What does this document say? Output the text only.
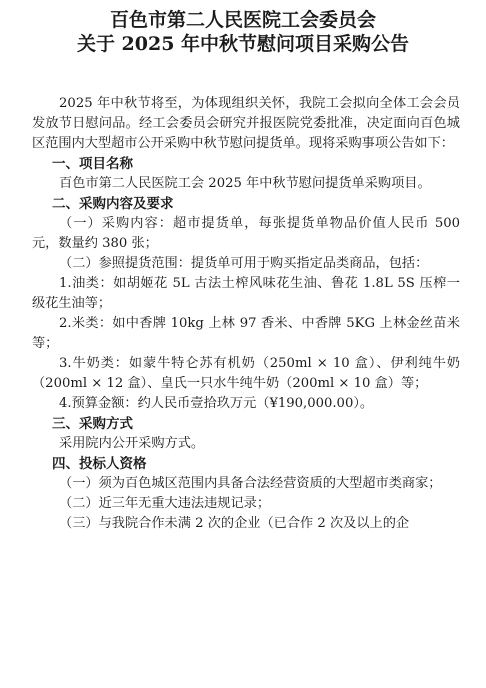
百色市第二人民医院工会委员会
关于 2025 年中秋节慰问项目采购公告

2025 年中秋节将至，为体现组织关怀，我院工会拟向全体工会会员发放节日慰问品。经工会委员会研究并报医院党委批准，决定面向百色城区范围内大型超市公开采购中秋节慰问提货单。现将采购事项公告如下：

一、项目名称

百色市第二人民医院工会 2025 年中秋节慰问提货单采购项目。

二、采购内容及要求

（一）采购内容：超市提货单，每张提货单物品价值人民币 500 元，数量约 380 张；

（二）参照提货范围：提货单可用于购买指定品类商品，包括：

1.油类：如胡姬花 5L 古法土榨风味花生油、鲁花 1.8L 5S 压榨一级花生油等；

2.米类：如中香牌 10kg 上林 97 香米、中香牌 5KG 上林金丝苗米等；

3.牛奶类：如蒙牛特仑苏有机奶（250ml × 10 盒）、伊利纯牛奶（200ml × 12 盒）、皇氏一只水牛纯牛奶（200ml × 10 盒）等；

4.预算金额：约人民币壹拾玖万元（¥190,000.00）。

三、采购方式

采用院内公开采购方式。

四、投标人资格

（一）须为百色城区范围内具备合法经营资质的大型超市类商家；

（二）近三年无重大违法违规记录；

（三）与我院合作未满 2 次的企业（已合作 2 次及以上的企
